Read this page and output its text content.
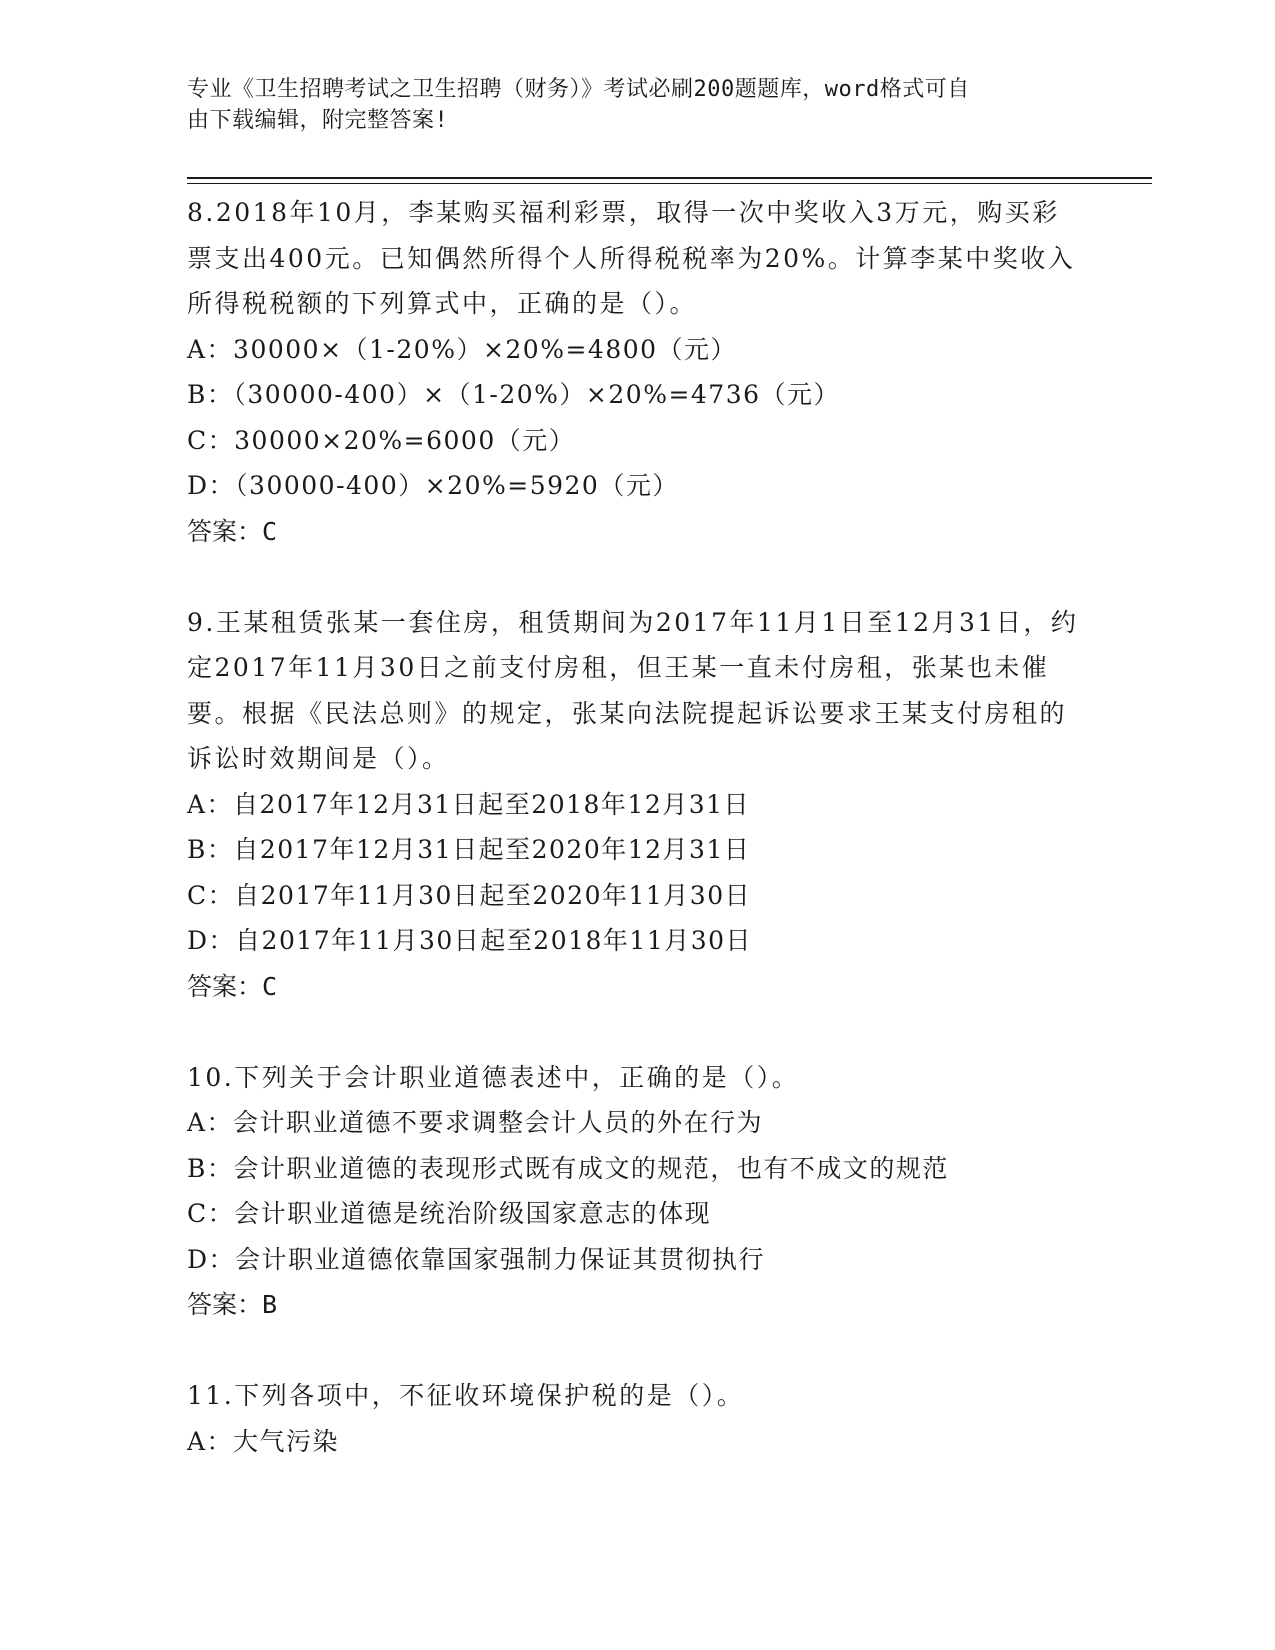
专业《卫生招聘考试之卫生招聘（财务）》考试必刷200题题库，word格式可自
由下载编辑，附完整答案!
8.2018年10月，李某购买福利彩票，取得一次中奖收入3万元，购买彩票支出400元。已知偶然所得个人所得税税率为20%。计算李某中奖收入所得税税额的下列算式中，正确的是（）。
A：30000×（1-20%）×20%=4800（元）
B：（30000-400）×（1-20%）×20%=4736（元）
C：30000×20%=6000（元）
D：（30000-400）×20%=5920（元）
答案：C
9.王某租赁张某一套住房，租赁期间为2017年11月1日至12月31日，约定2017年11月30日之前支付房租，但王某一直未付房租，张某也未催要。根据《民法总则》的规定，张某向法院提起诉讼要求王某支付房租的诉讼时效期间是（）。
A：自2017年12月31日起至2018年12月31日
B：自2017年12月31日起至2020年12月31日
C：自2017年11月30日起至2020年11月30日
D：自2017年11月30日起至2018年11月30日
答案：C
10.下列关于会计职业道德表述中，正确的是（）。
A：会计职业道德不要求调整会计人员的外在行为
B：会计职业道德的表现形式既有成文的规范，也有不成文的规范
C：会计职业道德是统治阶级国家意志的体现
D：会计职业道德依靠国家强制力保证其贯彻执行
答案：B
11.下列各项中，不征收环境保护税的是（）。
A：大气污染
